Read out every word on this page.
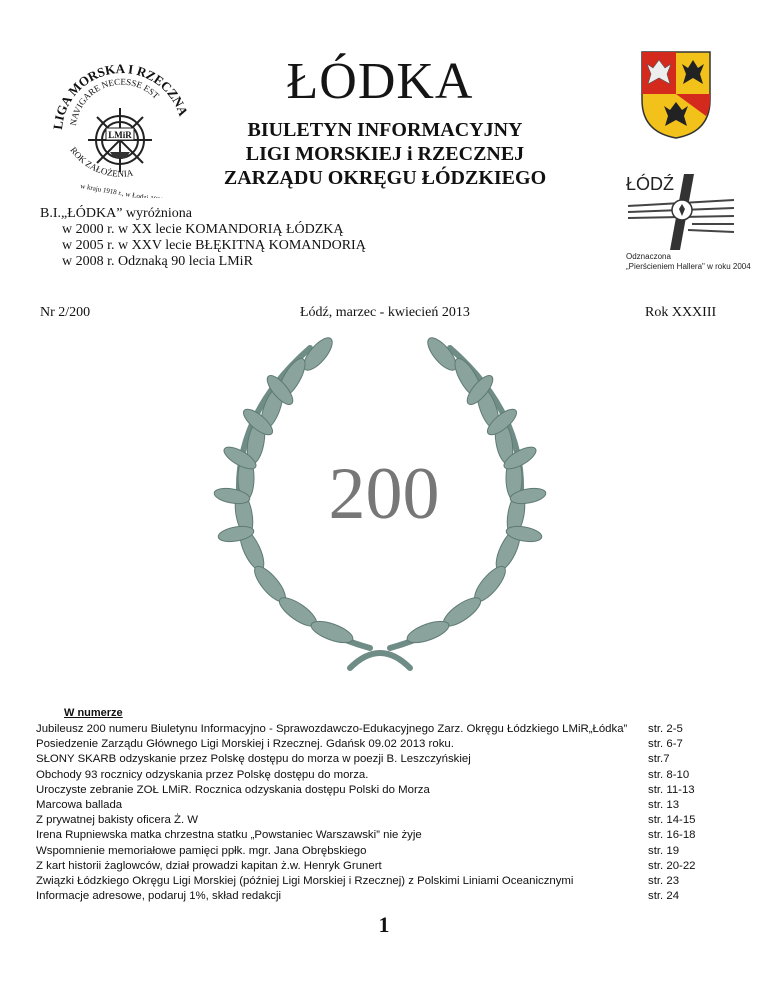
LIGA MORSKA I RZECZNA
NAVIGARE NECESSE EST
LMiR
ROK ZAŁOŻENIA
w kraju 1918 r., w Łodzi 1925 r.
ŁÓDKA
BIULETYN INFORMACYJNY
LIGI MORSKIEJ i RZECZNEJ
ZARZĄDU OKRĘGU ŁÓDZKIEGO	ŁÓDŹ
Odznaczona
„Pierścieniem Hallera" w roku 2004
B.I.„ŁÓDKA” wyróżniona
w 2000 r. w XX lecie KOMANDORIĄ ŁÓDZKĄ
w 2005 r. w XXV lecie BŁĘKITNĄ KOMANDORIĄ
w 2008 r. Odznaką 90 lecia LMiR
Nr 2/200	Łódź, marzec - kwiecień 2013	Rok XXXIII
200
W numerze
Jubileusz 200 numeru Biuletynu Informacyjno - Sprawozdawczo-Edukacyjnego Zarz. Okręgu Łódzkiego LMiR„Łódka” str. 2-5
Posiedzenie Zarządu Głównego Ligi Morskiej i Rzecznej. Gdańsk 09.02 2013 roku.	str. 6-7
SŁONY SKARB odzyskanie przez Polskę dostępu do morza w poezji B. Leszczyńskiej	str.7
Obchody 93 rocznicy odzyskania przez Polskę dostępu do morza.	str. 8-10
Uroczyste zebranie ZOŁ LMiR. Rocznica odzyskania dostępu Polski do Morza	str. 11-13
Marcowa ballada	str. 13
Z prywatnej bakisty oficera Ż. W	str. 14-15
Irena Rupniewska matka chrzestna statku „Powstaniec Warszawski” nie żyje	str. 16-18
Wspomnienie memoriałowe pamięci ppłk. mgr. Jana Obrębskiego	str. 19
Z kart historii żaglowców, dział prowadzi kapitan ż.w. Henryk Grunert	str. 20-22
Związki Łódzkiego Okręgu Ligi Morskiej (później Ligi Morskiej i Rzecznej) z Polskimi Liniami Oceanicznymi	str. 23
Informacje adresowe, podaruj 1%, skład redakcji	str. 24
1
